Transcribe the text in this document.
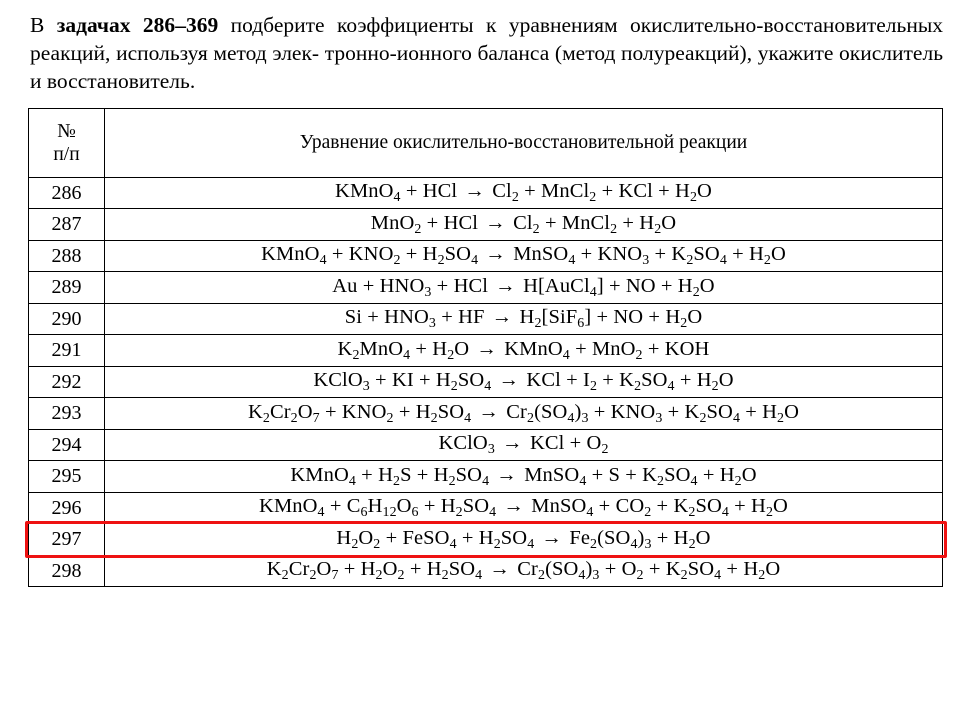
В задачах 286–369 подберите коэффициенты к уравнениям окислительно-восстановительных реакций, используя метод элек- тронно-ионного баланса (метод полуреакций), укажите окислитель и восстановитель.

№
п/п	Уравнение окислительно-восстановительной реакции
286	KMnO$_4$ + HCl → $Cl_2$ + MnCl$_2$ + KCl + $H_2O$
287	MnO$_2$ + HCl → $Cl_2$ + MnCl$_2$ + $H_2O$
288	KMnO$_4$ + $KNO_2 + H_2SO_4$ → MnSO$_4$ + $KNO_3 + K_2SO_4 + H_2O$
289	$Au + HNO_3$ + HCl → H[AuCl$_4$] + NO + $H_2O$
290	$Si + HNO_3$ + HF → $H_2[SiF_6]$ + NO + $H_2O$
291	$K_2MnO_4 + H_2O$ → KMnO$_4$ + MnO$_2$ + KOH
292	KClO$_3$ + KI + $H_2SO_4$ → KCl + $I_2 + K_2SO_4 + H_2O$
293	$K_2Cr_2O_7 + KNO_2 + H_2SO_4 \to Cr_2(SO_4)_3 + KNO_3 + K_2SO_4 + H_2O$
294	KClO$_3$ → KCl + $O_2$
295	KMnO$_4$ + $H_2S + H_2SO_4$ → MnSO$_4$ + $S + K_2SO_4 + H_2O$
296	KMnO$_4$ + $C_6H_{12}O_6 + H_2SO_4$ → MnSO$_4$ + $CO_2 + K_2SO_4 + H_2O$
297	$H_2O_2$ + FeSO$_4$ + $H_2SO_4 \to Fe_2(SO_4)_3 + H_2O$
298	$K_2Cr_2O_7 + H_2O_2 + H_2SO_4 \to Cr_2(SO_4)_3 + O_2 + K_2SO_4 + H_2O$
